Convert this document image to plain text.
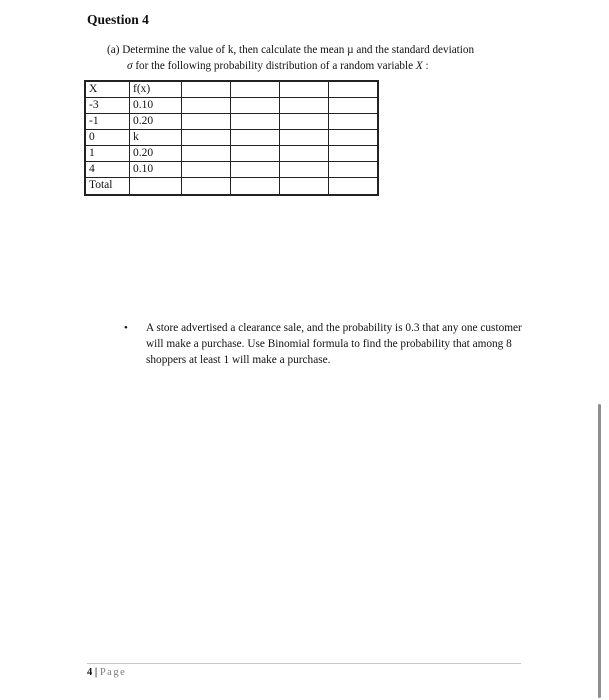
Question 4
(a) Determine the value of k, then calculate the mean µ and the standard deviation
σ for the following probability distribution of a random variable X :
X	f(x)				
-3	0.10				
-1	0.20				
0	k				
1	0.20				
4	0.10				
Total					
• A store advertised a clearance sale, and the probability is 0.3 that any one customer will make a purchase. Use Binomial formula to find the probability that among 8 shoppers at least 1 will make a purchase.
4 | Page
